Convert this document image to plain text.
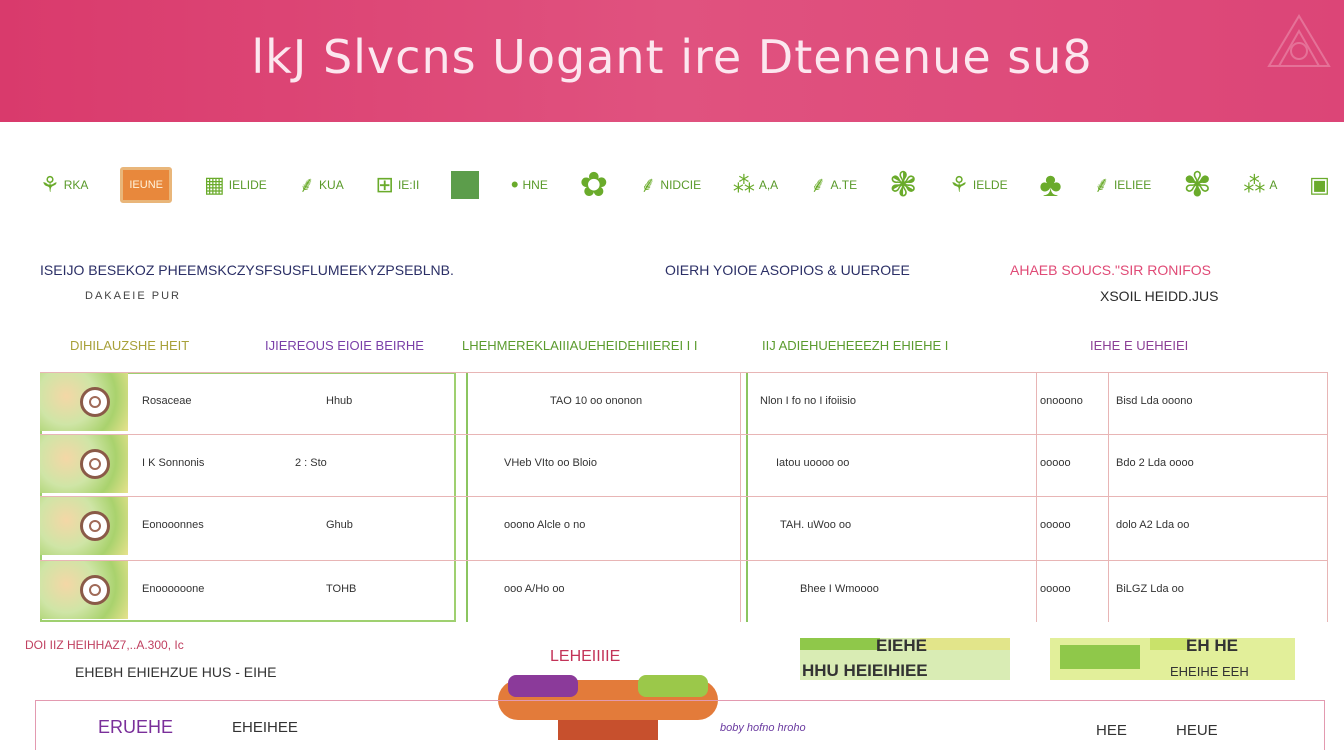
lkJ Slvcns Uogant ire Dtenenue su8
⚘ RKA	IEUNE	▦ IELIDE ⸙ KUA ⊞ IE:II	• HNE ✿ ⸙ NIDCIE ⁂ A,A ⸙ A.TE ❃ ⚘ IELDE ♣ ⸙ IELIEE ✾ ⁂ A ▣
ISEIJO BESEKOZ PHEEMSKCZYSFSUSFLUMEEKYZPSEBLNB.	OIERH YOIOE ASOPIOS & UUEROEE	AHAEB SOUCS."SIR RONIFOS
DAKAEIE PUR	XSOIL HEIDD.JUS
DIHILAUZSHE HEIT	IJIEREOUS EIOIE BEIRHE	LHEHMEREKLAIIIAUEHEIDEHIIEREI I I	IIJ ADIEHUEHEEEZH EHIEHE I	IEHE E UEHEIEI
Rosaceae	Hhub	TAO 10 oo ononon	Nlon I fo no I ifoiisio	onooono	Bisd Lda ooono
I K Sonnonis	2 : Sto	VHeb VIto oo Bloio	Iatou uoooo oo	ooooo	Bdo 2 Lda oooo
Eonooonnes	Ghub	ooono Alcle o no	TAH. uWoo oo	ooooo	dolo A2 Lda oo
Enoooooone	TOHB	ooo A/Ho oo	Bhee I Wmoooo	ooooo	BiLGZ Lda oo
DOI IIZ HEIHHAZ7,..A.300, Ic
EHEBH EHIEHZUE HUS - EIHE
LEHEIIIIE
EIEHE
HHU HEIEIHIEE
EH HE
EHEIHE EEH
ERUEHE	EHEIHEE	boby hofno hroho	HEE	HEUE
